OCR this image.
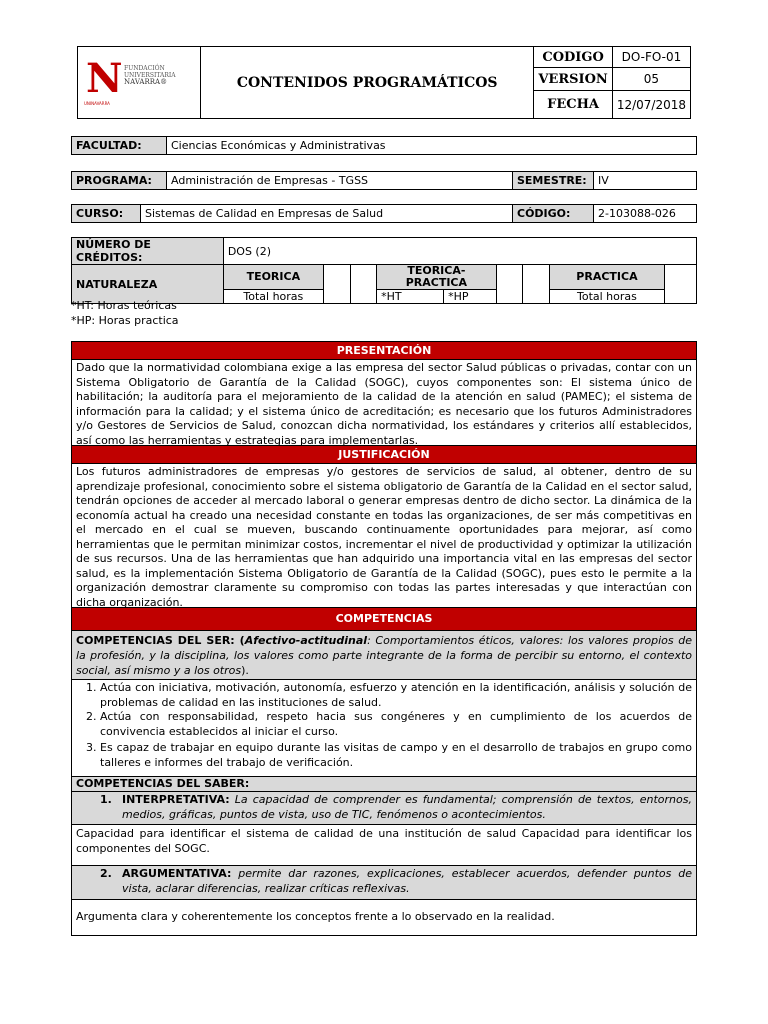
N FUNDACIÓN
UNIVERSITARIA
NAVARRA®
UNINAVARRA	CONTENIDOS PROGRAMÁTICOS	CODIGO	DO-FO-01
		VERSION	05
		FECHA	12/07/2018
FACULTAD:	Ciencias Económicas y Administrativas
PROGRAMA:	Administración de Empresas - TGSS	SEMESTRE:	IV
CURSO:	Sistemas de Calidad en Empresas de Salud	CÓDIGO:	2-103088-026
NÚMERO DE CRÉDITOS:	DOS (2)								
NATURALEZA	TEORICA			TEORICA-PRACTICA				PRACTICA	
	Total horas			*HT	*HP			Total horas	
*HT: Horas teóricas
*HP: Horas practica
PRESENTACIÓN
Dado que la normatividad colombiana exige a las empresa del sector Salud públicas o privadas, contar con un Sistema Obligatorio de Garantía de la Calidad (SOGC), cuyos componentes son: El sistema único de habilitación; la auditoría para el mejoramiento de la calidad de la atención en salud (PAMEC); el sistema de información para la calidad; y el sistema único de acreditación; es necesario que los futuros Administradores y/o Gestores de Servicios de Salud, conozcan dicha normatividad, los estándares y criterios allí establecidos, así como las herramientas y estrategias para implementarlas.
JUSTIFICACIÓN
Los futuros administradores de empresas y/o gestores de servicios de salud, al obtener, dentro de su aprendizaje profesional, conocimiento sobre el sistema obligatorio de Garantía de la Calidad en el sector salud, tendrán opciones de acceder al mercado laboral o generar empresas dentro de dicho sector. La dinámica de la economía actual ha creado una necesidad constante en todas las organizaciones, de ser más competitivas en el mercado en el cual se mueven, buscando continuamente oportunidades para mejorar, así como herramientas que le permitan minimizar costos, incrementar el nivel de productividad y optimizar la utilización de sus recursos. Una de las herramientas que han adquirido una importancia vital en las empresas del sector salud, es la implementación Sistema Obligatorio de Garantía de la Calidad (SOGC), pues esto le permite a la organización demostrar claramente su compromiso con todas las partes interesadas y que interactúan con dicha organización.
COMPETENCIAS
COMPETENCIAS DEL SER: (Afectivo-actitudinal: Comportamientos éticos, valores: los valores propios de la profesión, y la disciplina, los valores como parte integrante de la forma de percibir su entorno, el contexto social, así mismo y a los otros).
1. Actúa con iniciativa, motivación, autonomía, esfuerzo y atención en la identificación, análisis y solución de problemas de calidad en las instituciones de salud.
2. Actúa con responsabilidad, respeto hacia sus congéneres y en cumplimiento de los acuerdos de convivencia establecidos al iniciar el curso.
3. Es capaz de trabajar en equipo durante las visitas de campo y en el desarrollo de trabajos en grupo como talleres e informes del trabajo de verificación.
COMPETENCIAS DEL SABER:
1. INTERPRETATIVA: La capacidad de comprender es fundamental; comprensión de textos, entornos, medios, gráficas, puntos de vista, uso de TIC, fenómenos o acontecimientos.
Capacidad para identificar el sistema de calidad de una institución de salud Capacidad para identificar los componentes del SOGC.
2. ARGUMENTATIVA: permite dar razones, explicaciones, establecer acuerdos, defender puntos de vista, aclarar diferencias, realizar críticas reflexivas.
Argumenta clara y coherentemente los conceptos frente a lo observado en la realidad.
